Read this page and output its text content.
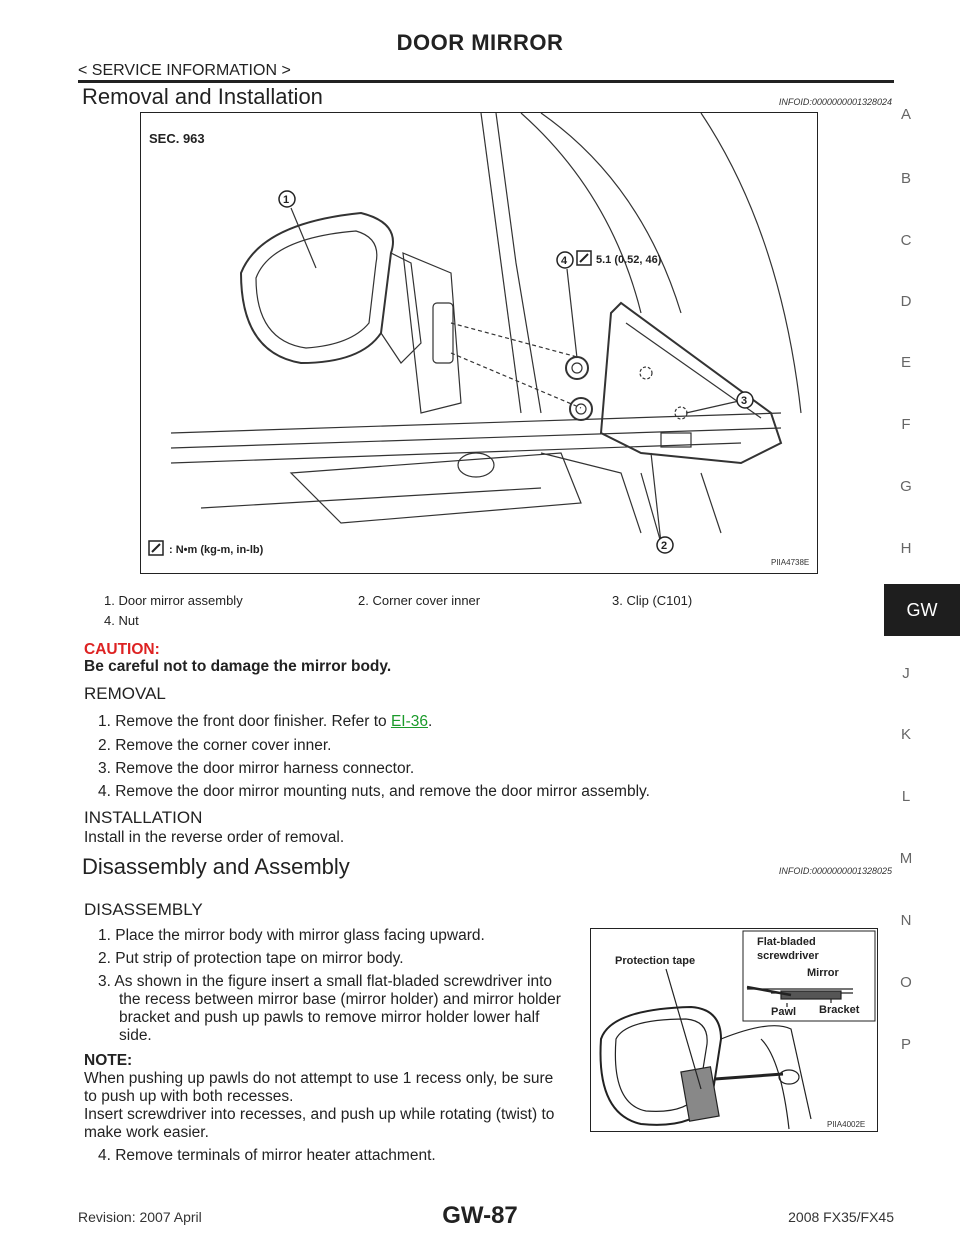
DOOR MIRROR
< SERVICE INFORMATION >
A
B
C
D
E
F
G
H
GW
J
K
L
M
N
O
P
Removal and Installation	INFOID:0000000001328024
SEC. 963
1
2
3
4	5.1 (0.52, 46)
: N•m (kg-m, in-lb)
PIIA4738E
1. Door mirror assembly	2. Corner cover inner	3. Clip (C101)
4. Nut
CAUTION:
Be careful not to damage the mirror body.
REMOVAL
1. Remove the front door finisher. Refer to EI-36.
2. Remove the corner cover inner.
3. Remove the door mirror harness connector.
4. Remove the door mirror mounting nuts, and remove the door mirror assembly.
INSTALLATION
Install in the reverse order of removal.
Disassembly and Assembly	INFOID:0000000001328025
DISASSEMBLY
1. Place the mirror body with mirror glass facing upward.
2. Put strip of protection tape on mirror body.
3. As shown in the figure insert a small flat-bladed screwdriver into
the recess between mirror base (mirror holder) and mirror holder
bracket and push up pawls to remove mirror holder lower half
side.
NOTE:
When pushing up pawls do not attempt to use 1 recess only, be sure
to push up with both recesses.
Insert screwdriver into recesses, and push up while rotating (twist) to
make work easier.
4. Remove terminals of mirror heater attachment.
Protection tape
Flat-bladed
screwdriver
Mirror
Pawl Bracket
PIIA4002E
Revision: 2007 April	GW-87	2008 FX35/FX45
